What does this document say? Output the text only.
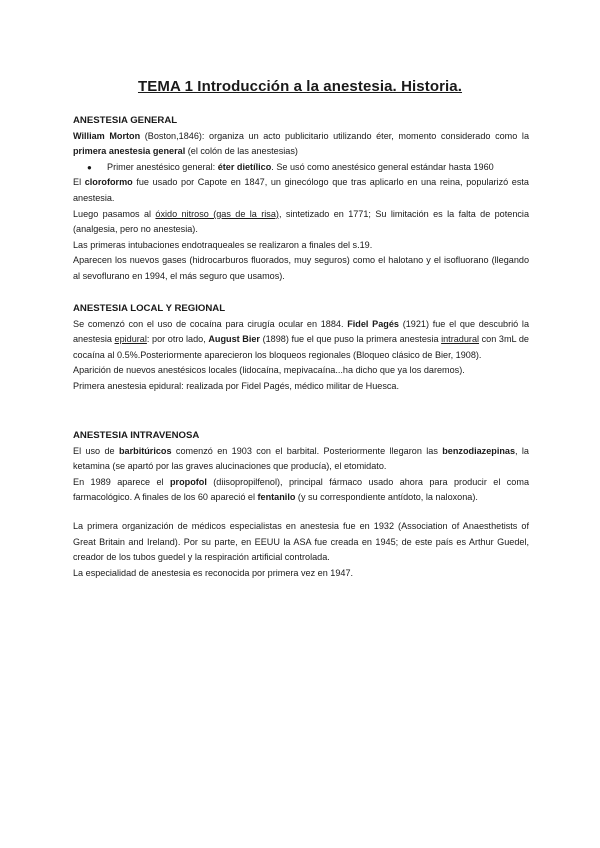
TEMA 1 Introducción a la anestesia. Historia.
ANESTESIA GENERAL

William Morton (Boston,1846): organiza un acto publicitario utilizando éter, momento considerado como la primera anestesia general (el colón de las anestesias)

●	Primer anestésico general: éter dietílico. Se usó como anestésico general estándar hasta 1960

El cloroformo fue usado por Capote en 1847, un ginecólogo que tras aplicarlo en una reina, popularizó esta anestesia.

Luego pasamos al óxido nitroso (gas de la risa), sintetizado en 1771; Su limitación es la falta de potencia (analgesia, pero no anestesia).

Las primeras intubaciones endotraqueales se realizaron a finales del s.19.

Aparecen los nuevos gases (hidrocarburos fluorados, muy seguros) como el halotano y el isofluorano (llegando al sevoflurano en 1994, el más seguro que usamos).

ANESTESIA LOCAL Y REGIONAL

Se comenzó con el uso de cocaína para cirugía ocular en 1884. Fidel Pagés (1921) fue el que descubrió la anestesia epidural: por otro lado, August Bier (1898) fue el que puso la primera anestesia intradural con 3mL de cocaína al 0.5%.Posteriormente aparecieron los bloqueos regionales (Bloqueo clásico de Bier, 1908).

Aparición de nuevos anestésicos locales (lidocaína, mepivacaína...ha dicho que ya los daremos).

Primera anestesia epidural: realizada por Fidel Pagés, médico militar de Huesca.

ANESTESIA INTRAVENOSA

El uso de barbitúricos comenzó en 1903 con el barbital. Posteriormente llegaron las benzodiazepinas, la ketamina (se apartó por las graves alucinaciones que producía), el etomidato.

En 1989 aparece el propofol (diisopropilfenol), principal fármaco usado ahora para producir el coma farmacológico. A finales de los 60 apareció el fentanilo (y su correspondiente antídoto, la naloxona).

La primera organización de médicos especialistas en anestesia fue en 1932 (Association of Anaesthetists of Great Britain and Ireland). Por su parte, en EEUU la ASA fue creada en 1945; de este país es Arthur Guedel, creador de los tubos guedel y la respiración artificial controlada.

La especialidad de anestesia es reconocida por primera vez en 1947.
